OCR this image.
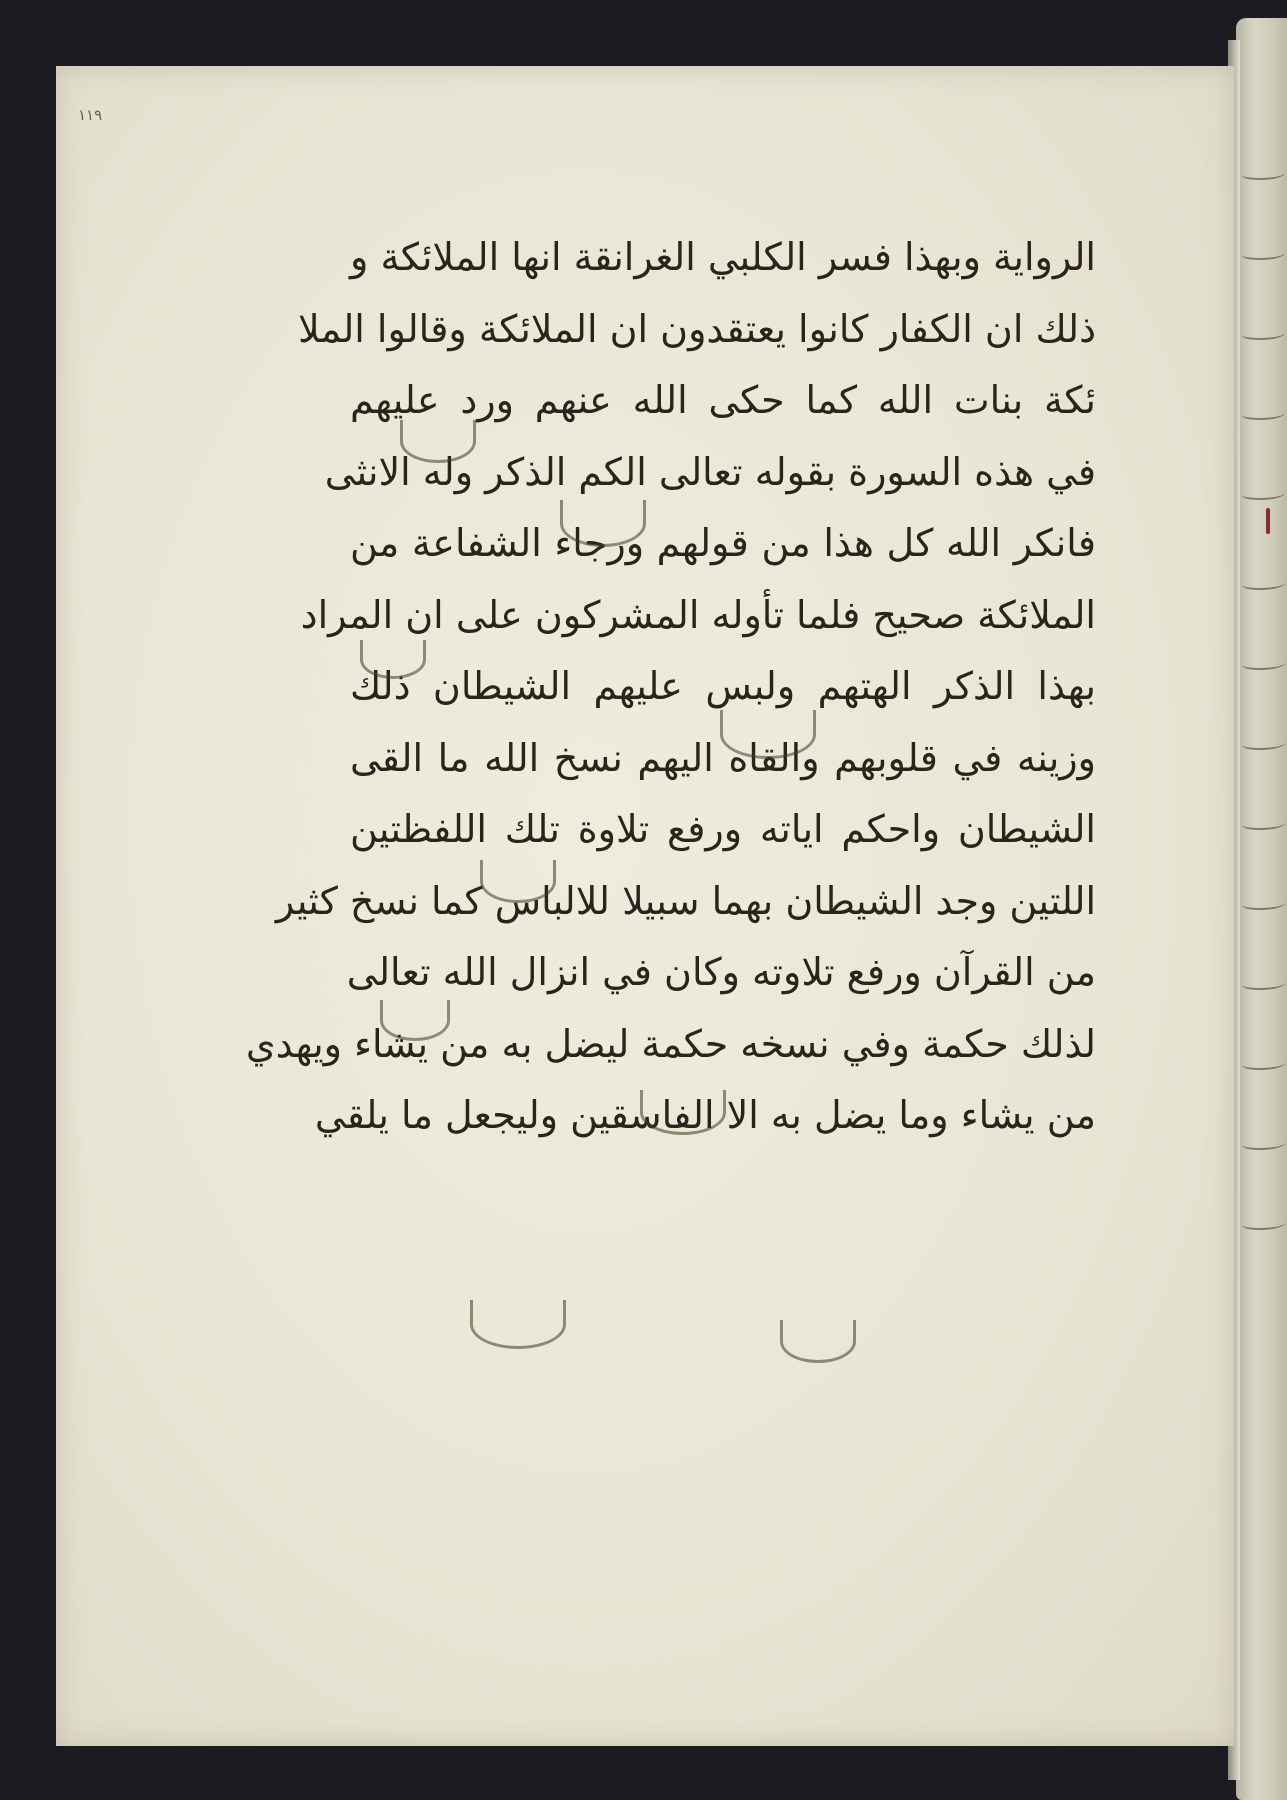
١١٩
الرواية وبهذا فسر الكلبي الغرانقة انها الملائكة و
ذلك ان الكفار كانوا يعتقدون ان الملائكة وقالوا الملا
ئكة بنات الله كما حكى الله عنهم ورد عليهم
في هذه السورة بقوله تعالى الكم الذكر وله الانثى
فانكر الله كل هذا من قولهم ورجاء الشفاعة من
الملائكة صحيح فلما تأوله المشركون على ان المراد
بهذا الذكر الهتهم ولبس عليهم الشيطان ذلك
وزينه في قلوبهم والقاه اليهم نسخ الله ما القى
الشيطان واحكم اياته ورفع تلاوة تلك اللفظتين
اللتين وجد الشيطان بهما سبيلا للالباس كما نسخ كثير
من القرآن ورفع تلاوته وكان في انزال الله تعالى
لذلك حكمة وفي نسخه حكمة ليضل به من يشاء ويهدي
من يشاء وما يضل به الا الفاسقين وليجعل ما يلقي
